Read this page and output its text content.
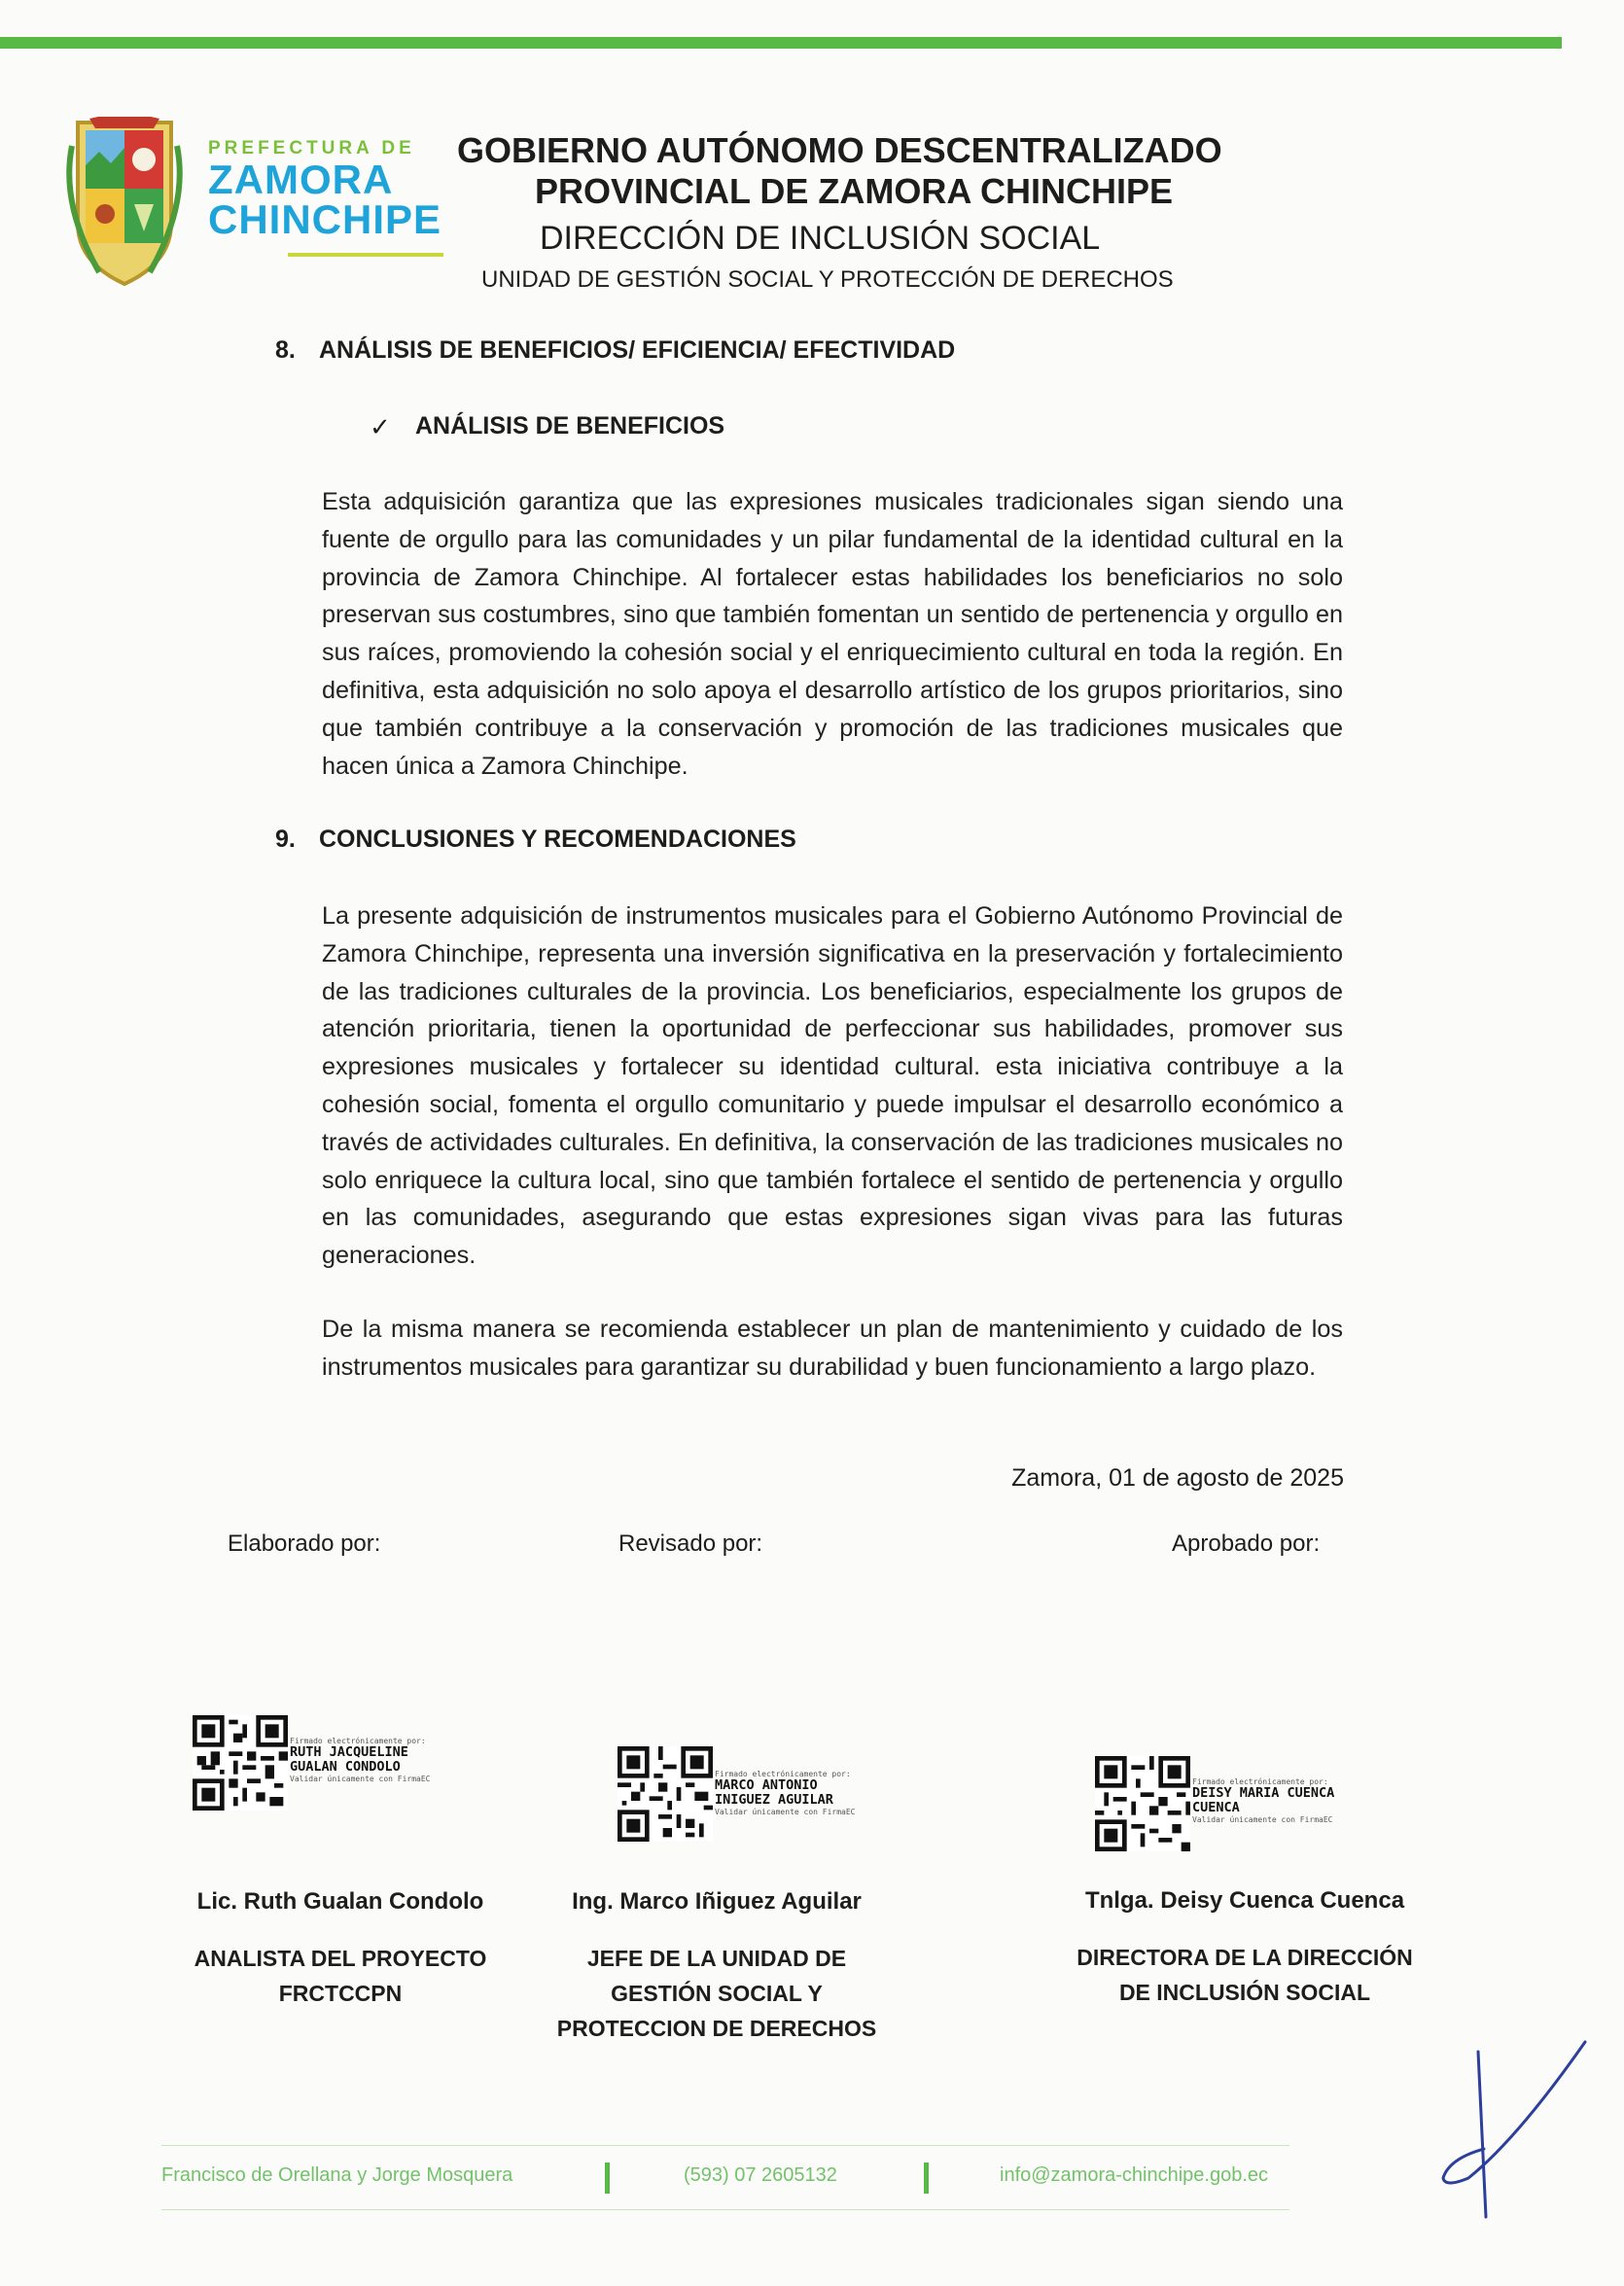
PREFECTURA DE
ZAMORA
CHINCHIPE
GOBIERNO AUTÓNOMO DESCENTRALIZADO
PROVINCIAL DE ZAMORA CHINCHIPE
DIRECCIÓN DE INCLUSIÓN SOCIAL
UNIDAD DE GESTIÓN SOCIAL Y PROTECCIÓN DE DERECHOS
8. ANÁLISIS DE BENEFICIOS/ EFICIENCIA/ EFECTIVIDAD
✓ ANÁLISIS DE BENEFICIOS
Esta adquisición garantiza que las expresiones musicales tradicionales sigan siendo una fuente de orgullo para las comunidades y un pilar fundamental de la identidad cultural en la provincia de Zamora Chinchipe. Al fortalecer estas habilidades los beneficiarios no solo preservan sus costumbres, sino que también fomentan un sentido de pertenencia y orgullo en sus raíces, promoviendo la cohesión social y el enriquecimiento cultural en toda la región. En definitiva, esta adquisición no solo apoya el desarrollo artístico de los grupos prioritarios, sino que también contribuye a la conservación y promoción de las tradiciones musicales que hacen única a Zamora Chinchipe.
9. CONCLUSIONES Y RECOMENDACIONES
La presente adquisición de instrumentos musicales para el Gobierno Autónomo Provincial de Zamora Chinchipe, representa una inversión significativa en la preservación y fortalecimiento de las tradiciones culturales de la provincia. Los beneficiarios, especialmente los grupos de atención prioritaria, tienen la oportunidad de perfeccionar sus habilidades, promover sus expresiones musicales y fortalecer su identidad cultural. esta iniciativa contribuye a la cohesión social, fomenta el orgullo comunitario y puede impulsar el desarrollo económico a través de actividades culturales. En definitiva, la conservación de las tradiciones musicales no solo enriquece la cultura local, sino que también fortalece el sentido de pertenencia y orgullo en las comunidades, asegurando que estas expresiones sigan vivas para las futuras generaciones.
De la misma manera se recomienda establecer un plan de mantenimiento y cuidado de los instrumentos musicales para garantizar su durabilidad y buen funcionamiento a largo plazo.
Zamora, 01 de agosto de 2025
Elaborado por:	Revisado por:	Aprobado por:
Firmado electrónicamente por:
RUTH JACQUELINE
GUALAN CONDOLO
Validar únicamente con FirmaEC
Firmado electrónicamente por:
MARCO ANTONIO
INIGUEZ AGUILAR
Validar únicamente con FirmaEC
Firmado electrónicamente por:
DEISY MARIA CUENCA
CUENCA
Validar únicamente con FirmaEC
Lic. Ruth Gualan Condolo	Ing. Marco Iñiguez Aguilar	Tnlga. Deisy Cuenca Cuenca
ANALISTA DEL PROYECTO
FRCTCCPN
JEFE DE LA UNIDAD DE
GESTIÓN SOCIAL Y
PROTECCION DE DERECHOS
DIRECTORA DE LA DIRECCIÓN
DE INCLUSIÓN SOCIAL
Francisco de Orellana y Jorge Mosquera	(593) 07 2605132	info@zamora-chinchipe.gob.ec
